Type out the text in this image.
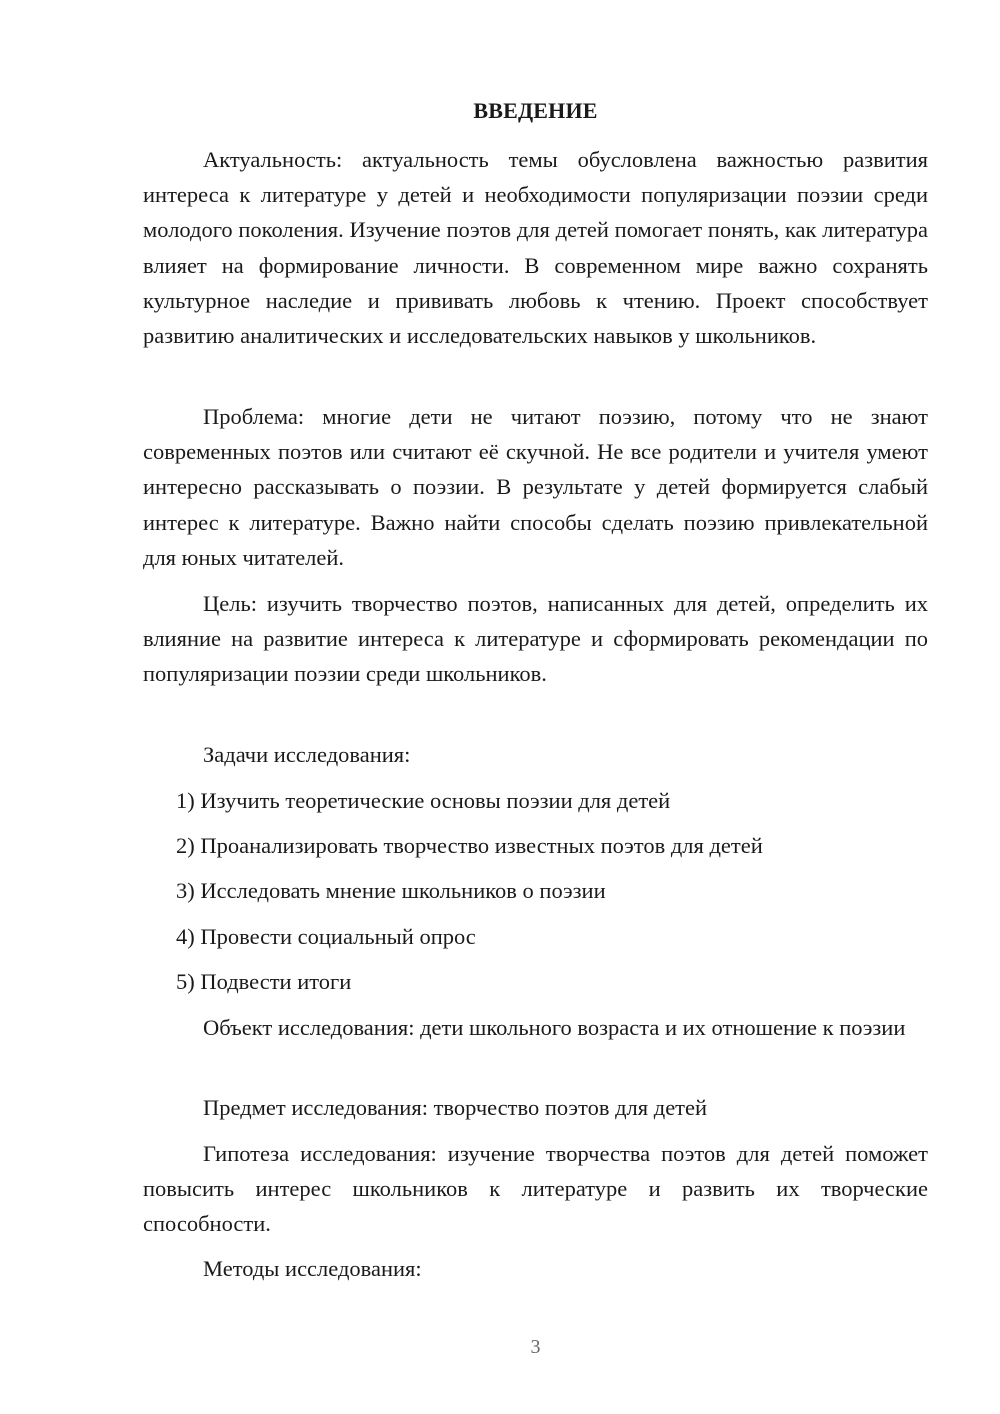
ВВЕДЕНИЕ

Актуальность: актуальность темы обусловлена важностью развития интереса к литературе у детей и необходимости популяризации поэзии среди молодого поколения. Изучение поэтов для детей помогает понять, как литература влияет на формирование личности. В современном мире важно сохранять культурное наследие и прививать любовь к чтению. Проект способствует развитию аналитических и исследовательских навыков у школьников.

Проблема: многие дети не читают поэзию, потому что не знают современных поэтов или считают её скучной. Не все родители и учителя умеют интересно рассказывать о поэзии. В результате у детей формируется слабый интерес к литературе. Важно найти способы сделать поэзию привлекательной для юных читателей.

Цель: изучить творчество поэтов, написанных для детей, определить их влияние на развитие интереса к литературе и сформировать рекомендации по популяризации поэзии среди школьников.

Задачи исследования:

1) Изучить теоретические основы поэзии для детей

2) Проанализировать творчество известных поэтов для детей

3) Исследовать мнение школьников о поэзии

4) Провести социальный опрос

5) Подвести итоги

Объект исследования: дети школьного возраста и их отношение к поэзии

Предмет исследования: творчество поэтов для детей

Гипотеза исследования: изучение творчества поэтов для детей поможет повысить интерес школьников к литературе и развить их творческие способности.

Методы исследования:

3
